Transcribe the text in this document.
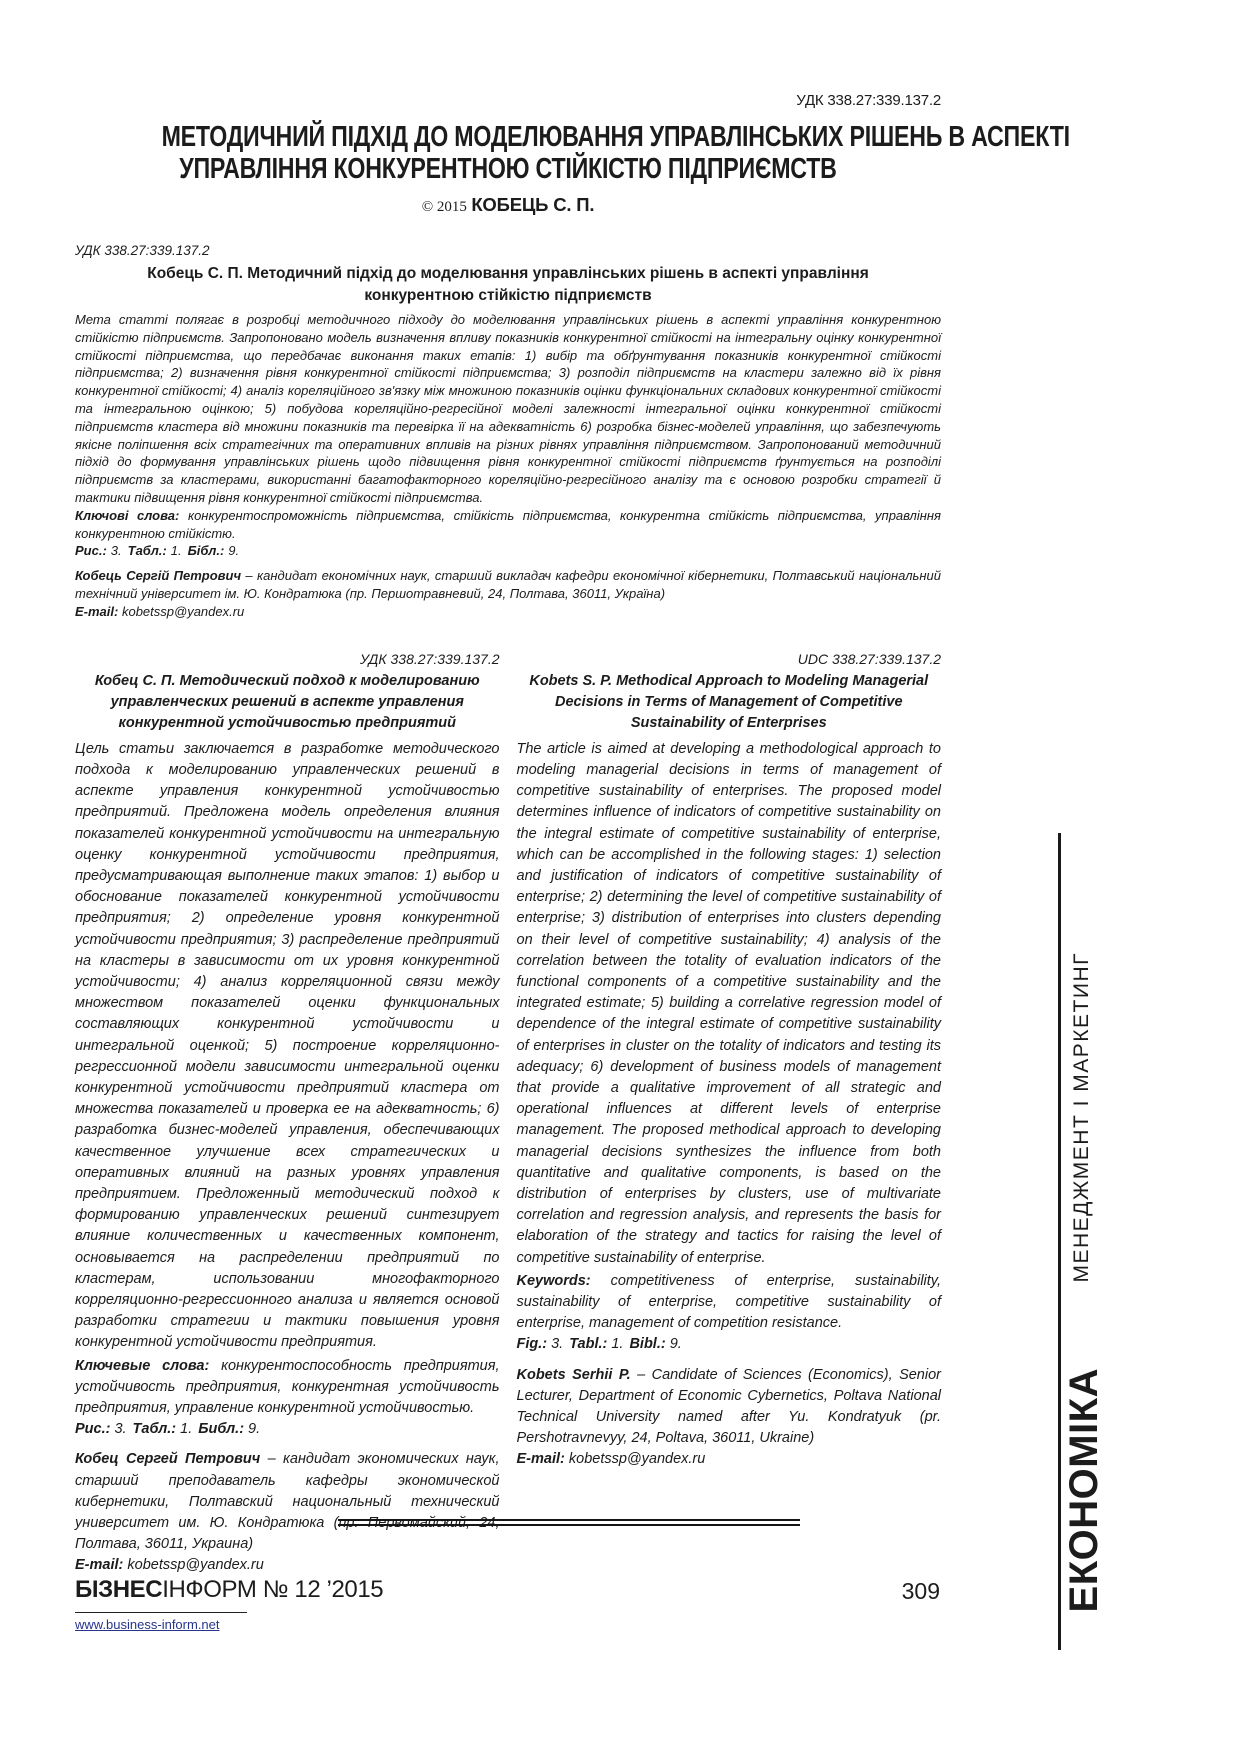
УДК 338.27:339.137.2
МЕТОДИЧНИЙ ПІДХІД ДО МОДЕЛЮВАННЯ УПРАВЛІНСЬКИХ РІШЕНЬ В АСПЕКТІ
УПРАВЛІННЯ КОНКУРЕНТНОЮ СТІЙКІСТЮ ПІДПРИЄМСТВ
© 2015 КОБЕЦЬ С. П.
УДК 338.27:339.137.2
Кобець С. П. Методичний підхід до моделювання управлінських рішень в аспекті управління конкурентною стійкістю підприємств
Мета статті полягає в розробці методичного підходу до моделювання управлінських рішень в аспекті управління конкурентною стійкістю підприємств. Запропоновано модель визначення впливу показників конкурентної стійкості на інтегральну оцінку конкурентної стійкості підприємства, що передбачає виконання таких етапів: 1) вибір та обґрунтування показників конкурентної стійкості підприємства; 2) визначення рівня конкурентної стійкості підприємства; 3) розподіл підприємств на кластери залежно від їх рівня конкурентної стійкості; 4) аналіз кореляційного зв'язку між множиною показників оцінки функціональних складових конкурентної стійкості та інтегральною оцінкою; 5) побудова кореляційно-регресійної моделі залежності інтегральної оцінки конкурентної стійкості підприємств кластера від множини показників та перевірка її на адекватність 6) розробка бізнес-моделей управління, що забезпечують якісне поліпшення всіх стратегічних та оперативних впливів на різних рівнях управління підприємством. Запропонований методичний підхід до формування управлінських рішень щодо підвищення рівня конкурентної стійкості підприємств ґрунтується на розподілі підприємств за кластерами, використанні багатофакторного кореляційно-регресійного аналізу та є основою розробки стратегії й тактики підвищення рівня конкурентної стійкості підприємства.
Ключові слова: конкурентоспроможність підприємства, стійкість підприємства, конкурентна стійкість підприємства, управління конкурентною стійкістю.
Рис.: 3. Табл.: 1. Бібл.: 9.
Кобець Сергій Петрович – кандидат економічних наук, старший викладач кафедри економічної кібернетики, Полтавський національний технічний університет ім. Ю. Кондратюка (пр. Першотравневий, 24, Полтава, 36011, Україна)
E-mail: kobetssp@yandex.ru
УДК 338.27:339.137.2
Кобец С. П. Методический подход к моделированию управленческих решений в аспекте управления конкурентной устойчивостью предприятий
Цель статьи заключается в разработке методического подхода к моделированию управленческих решений в аспекте управления конкурентной устойчивостью предприятий. Предложена модель определения влияния показателей конкурентной устойчивости на интегральную оценку конкурентной устойчивости предприятия, предусматривающая выполнение таких этапов: 1) выбор и обоснование показателей конкурентной устойчивости предприятия; 2) определение уровня конкурентной устойчивости предприятия; 3) распределение предприятий на кластеры в зависимости от их уровня конкурентной устойчивости; 4) анализ корреляционной связи между множеством показателей оценки функциональных составляющих конкурентной устойчивости и интегральной оценкой; 5) построение корреляционно-регрессионной модели зависимости интегральной оценки конкурентной устойчивости предприятий кластера от множества показателей и проверка ее на адекватность; 6) разработка бизнес-моделей управления, обеспечивающих качественное улучшение всех стратегических и оперативных влияний на разных уровнях управления предприятием. Предложенный методический подход к формированию управленческих решений синтезирует влияние количественных и качественных компонент, основывается на распределении предприятий по кластерам, использовании многофакторного корреляционно-регрессионного анализа и является основой разработки стратегии и тактики повышения уровня конкурентной устойчивости предприятия.
Ключевые слова: конкурентоспособность предприятия, устойчивость предприятия, конкурентная устойчивость предприятия, управление конкурентной устойчивостью.
Рис.: 3. Табл.: 1. Библ.: 9.
Кобец Сергей Петрович – кандидат экономических наук, старший преподаватель кафедры экономической кибернетики, Полтавский национальный технический университет им. Ю. Кондратюка (пр. Первомайский, 24, Полтава, 36011, Украина)
E-mail: kobetssp@yandex.ru
UDC 338.27:339.137.2
Kobets S. P. Methodical Approach to Modeling Managerial Decisions in Terms of Management of Competitive Sustainability of Enterprises
The article is aimed at developing a methodological approach to modeling managerial decisions in terms of management of competitive sustainability of enterprises. The proposed model determines influence of indicators of competitive sustainability on the integral estimate of competitive sustainability of enterprise, which can be accomplished in the following stages: 1) selection and justification of indicators of competitive sustainability of enterprise; 2) determining the level of competitive sustainability of enterprise; 3) distribution of enterprises into clusters depending on their level of competitive sustainability; 4) analysis of the correlation between the totality of evaluation indicators of the functional components of a competitive sustainability and the integrated estimate; 5) building a correlative regression model of dependence of the integral estimate of competitive sustainability of enterprises in cluster on the totality of indicators and testing its adequacy; 6) development of business models of management that provide a qualitative improvement of all strategic and operational influences at different levels of enterprise management. The proposed methodical approach to developing managerial decisions synthesizes the influence from both quantitative and qualitative components, is based on the distribution of enterprises by clusters, use of multivariate correlation and regression analysis, and represents the basis for elaboration of the strategy and tactics for raising the level of competitive sustainability of enterprise.
Keywords: competitiveness of enterprise, sustainability, sustainability of enterprise, competitive sustainability of enterprise, management of competition resistance.
Fig.: 3. Tabl.: 1. Bibl.: 9.
Kobets Serhii P. – Candidate of Sciences (Economics), Senior Lecturer, Department of Economic Cybernetics, Poltava National Technical University named after Yu. Kondratyuk (pr. Pershotravnevyy, 24, Poltava, 36011, Ukraine)
E-mail: kobetssp@yandex.ru
МЕНЕДЖМЕНТ І МАРКЕТИНГ
ЕКОНОМІКА
БІЗНЕСІНФОРМ № 12 ’2015	309
www.business-inform.net
